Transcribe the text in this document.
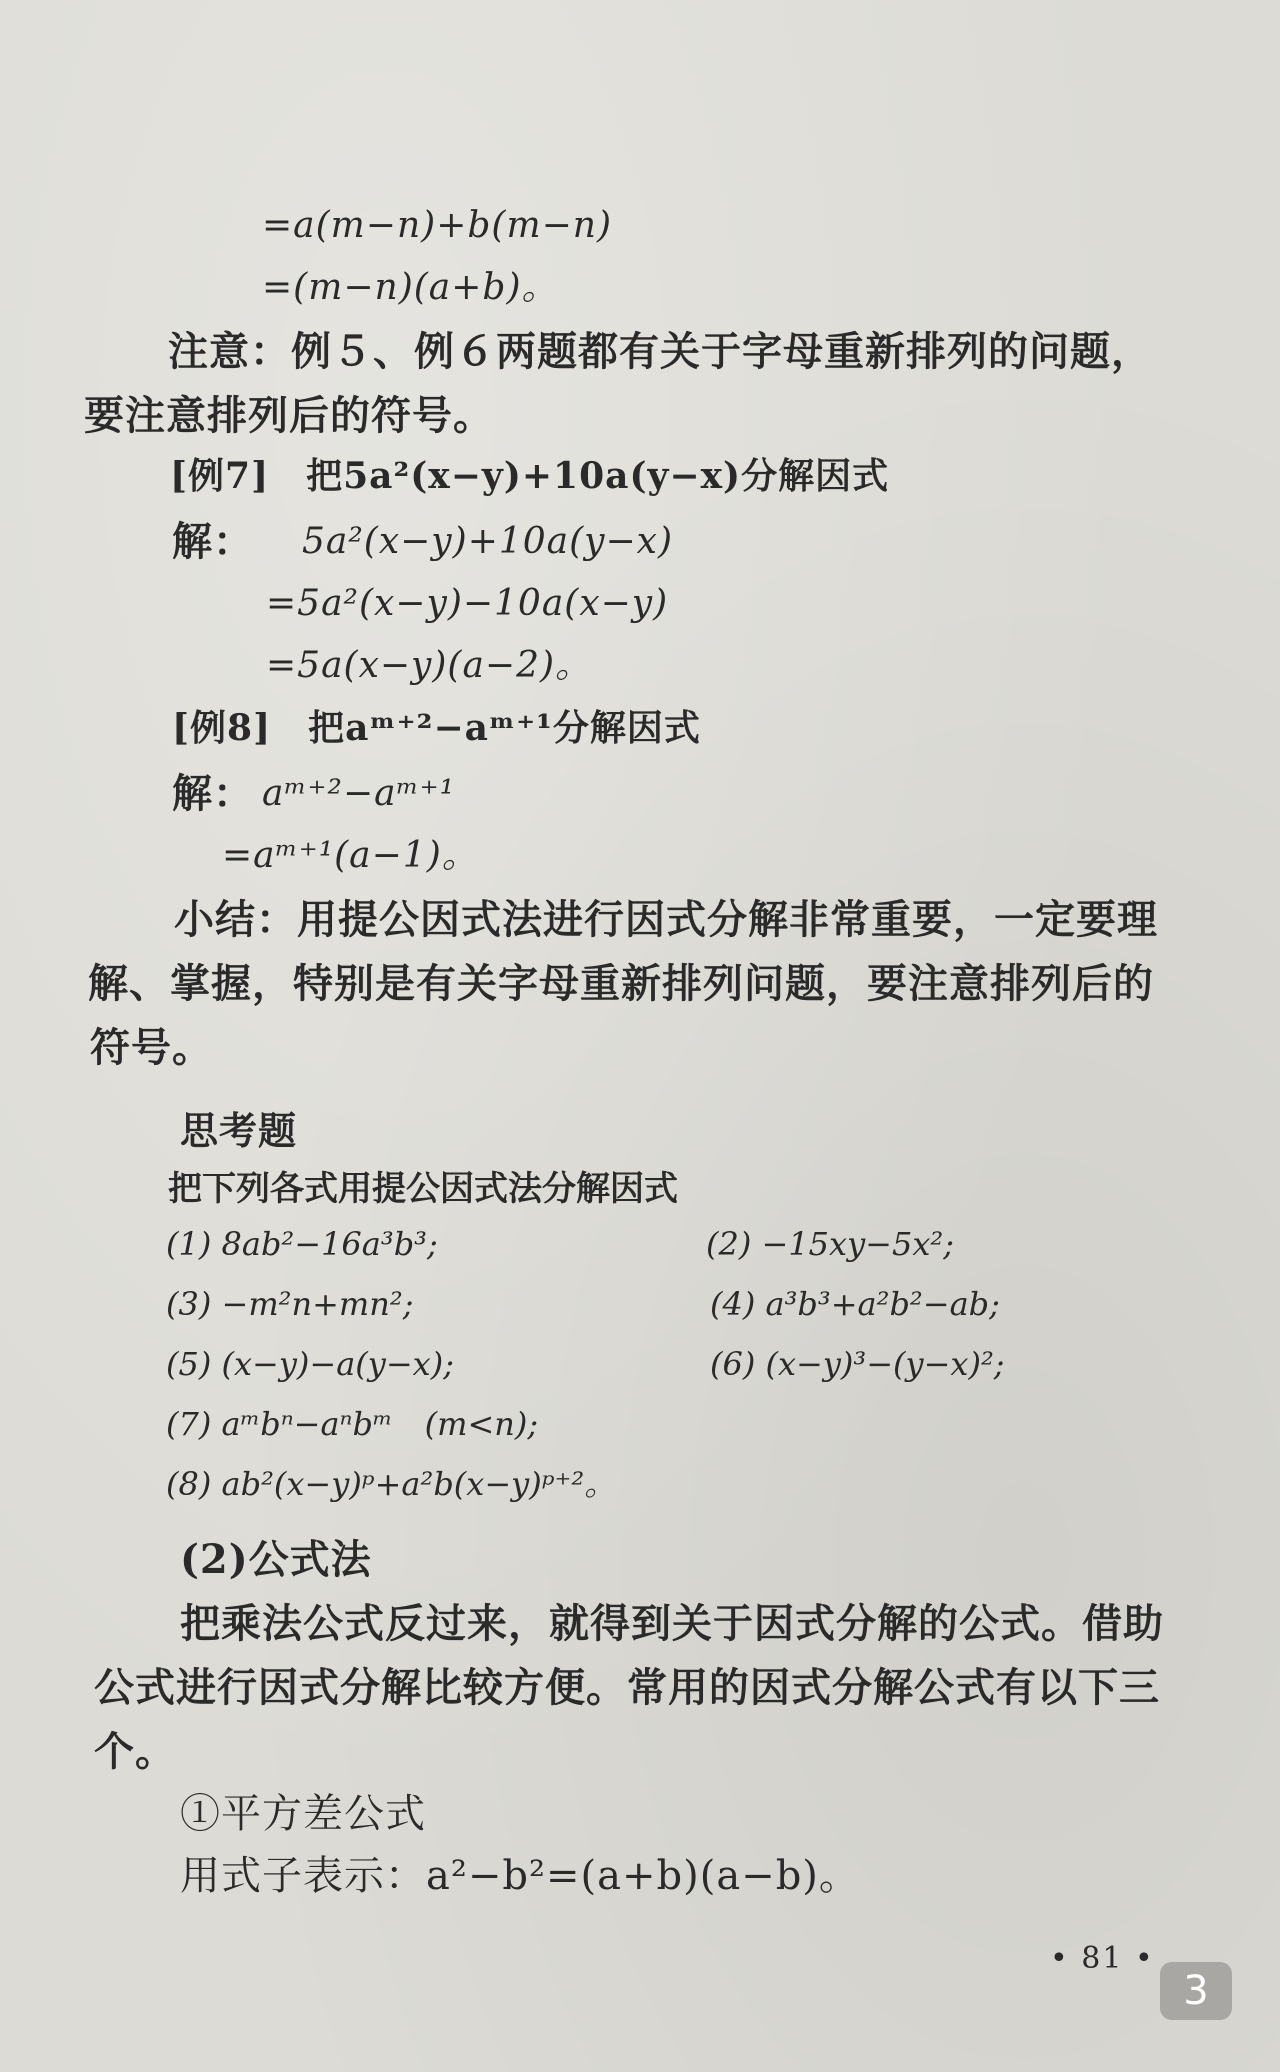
=a(m−n)+b(m−n)
=(m−n)(a+b)。
注意：例５、例６两题都有关于字母重新排列的问题，
要注意排列后的符号。
[例7]　把5a²(x−y)+10a(y−x)分解因式
解： 5a²(x−y)+10a(y−x)
=5a²(x−y)−10a(x−y)
=5a(x−y)(a−2)。
[例8]　把aᵐ⁺²−aᵐ⁺¹分解因式
解： aᵐ⁺²−aᵐ⁺¹
=aᵐ⁺¹(a−1)。
小结：用提公因式法进行因式分解非常重要，一定要理
解、掌握，特别是有关字母重新排列问题，要注意排列后的
符号。
思考题
把下列各式用提公因式法分解因式
(1) 8ab²−16a³b³;	(2) −15xy−5x²;
(3) −m²n+mn²;	(4) a³b³+a²b²−ab;
(5) (x−y)−a(y−x);	(6) (x−y)³−(y−x)²;
(7) aᵐbⁿ−aⁿbᵐ　(m<n);
(8) ab²(x−y)ᵖ+a²b(x−y)ᵖ⁺²。
(2)公式法
把乘法公式反过来，就得到关于因式分解的公式。借助
公式进行因式分解比较方便。常用的因式分解公式有以下三
个。
①平方差公式
用式子表示：a²−b²=(a+b)(a−b)。
• 81 •
3
